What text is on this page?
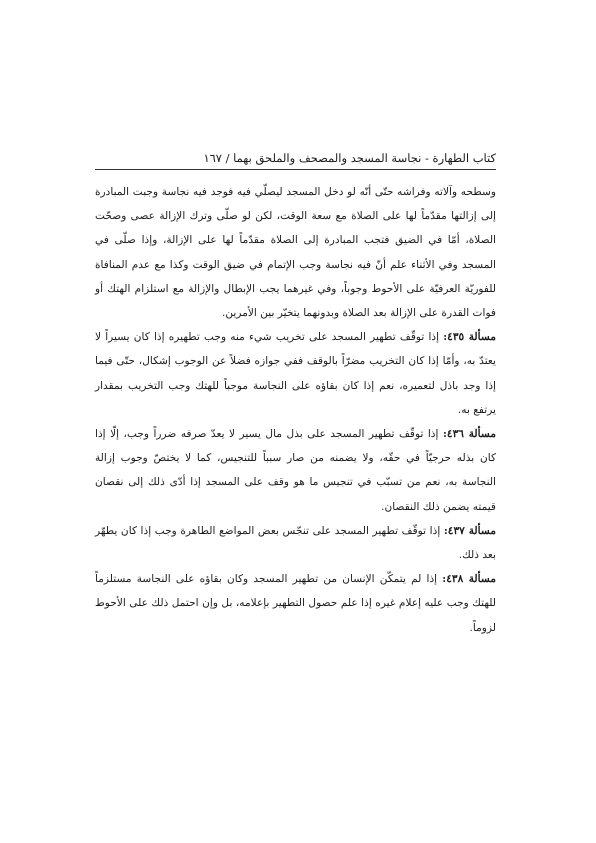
كتاب الطهارة - نجاسة المسجد والمصحف والملحق بهما / ١٦٧

وسطحه وآلاته وفراشه حتّى أنّه لو دخل المسجد ليصلّي فيه فوجد فيه نجاسة وجبت المبادرة إلى إزالتها مقدّماً لها على الصلاة مع سعة الوقت، لكن لو صلّى وترك الإزالة عصى وصحّت الصلاة، أمّا في الضيق فتجب المبادرة إلى الصلاة مقدّماً لها على الإزالة، وإذا صلّى في المسجد وفي الأثناء علم أنّ فيه نجاسة وجب الإتمام في ضيق الوقت وكذا مع عدم المنافاة للفوريّة العرفيّة على الأحوط وجوباً، وفي غيرهما يجب الإبطال والإزالة مع استلزام الهتك أو فوات القدرة على الإزالة بعد الصلاة وبدونهما يتخيّر بين الأمرين.

مسألة ٤٣٥: إذا توقّف تطهير المسجد على تخريب شيء منه وجب تطهيره إذا كان يسيراً لا يعتدّ به، وأمّا إذا كان التخريب مضرّاً بالوقف ففي جوازه فضلاً عن الوجوب إشكال، حتّى فيما إذا وجد باذل لتعميره، نعم إذا كان بقاؤه على النجاسة موجباً للهتك وجب التخريب بمقدار يرتفع به.

مسألة ٤٣٦: إذا توقّف تطهير المسجد على بذل مال يسير لا يعدّ صرفه ضرراً وجب، إلّا إذا كان بذله حرجيّاً في حقّه، ولا يضمنه من صار سبباً للتنجيس، كما لا يختصّ وجوب إزالة النجاسة به، نعم من تسبّب في تنجيس ما هو وقف على المسجد إذا أدّى ذلك إلى نقصان قيمته يضمن ذلك النقصان.

مسألة ٤٣٧: إذا توقّف تطهير المسجد على تنجّس بعض المواضع الطاهرة وجب إذا كان يطهّر بعد ذلك.

مسألة ٤٣٨: إذا لم يتمكّن الإنسان من تطهير المسجد وكان بقاؤه على النجاسة مستلزماً للهتك وجب عليه إعلام غيره إذا علم حصول التطهير بإعلامه، بل وإن احتمل ذلك على الأحوط لزوماً.
